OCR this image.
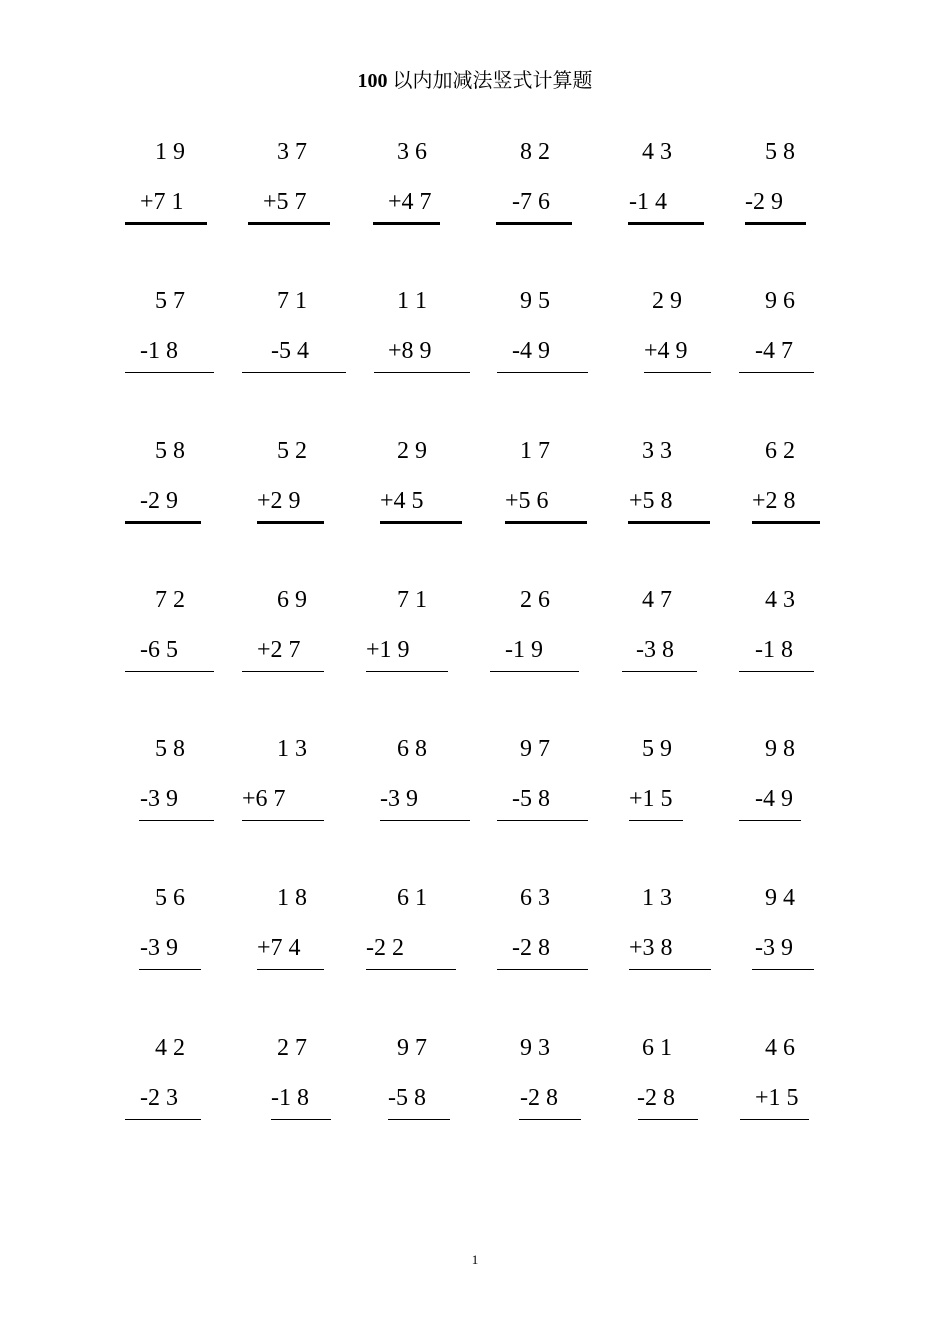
100 以内加减法竖式计算题
1 9
+7 1
3 7
+5 7
3 6
+4 7
8 2
-7 6
4 3
-1 4
5 8
-2 9
5 7
-1 8
7 1
-5 4
1 1
+8 9
9 5
-4 9
2 9
+4 9
9 6
-4 7
5 8
-2 9
5 2
+2 9
2 9
+4 5
1 7
+5 6
3 3
+5 8
6 2
+2 8
7 2
-6 5
6 9
+2 7
7 1
+1 9
2 6
-1 9
4 7
-3 8
4 3
-1 8
5 8
-3 9
1 3
+6 7
6 8
-3 9
9 7
-5 8
5 9
+1 5
9 8
-4 9
5 6
-3 9
1 8
+7 4
6 1
-2 2
6 3
-2 8
1 3
+3 8
9 4
-3 9
4 2
-2 3
2 7
-1 8
9 7
-5 8
9 3
-2 8
6 1
-2 8
4 6
+1 5
1
